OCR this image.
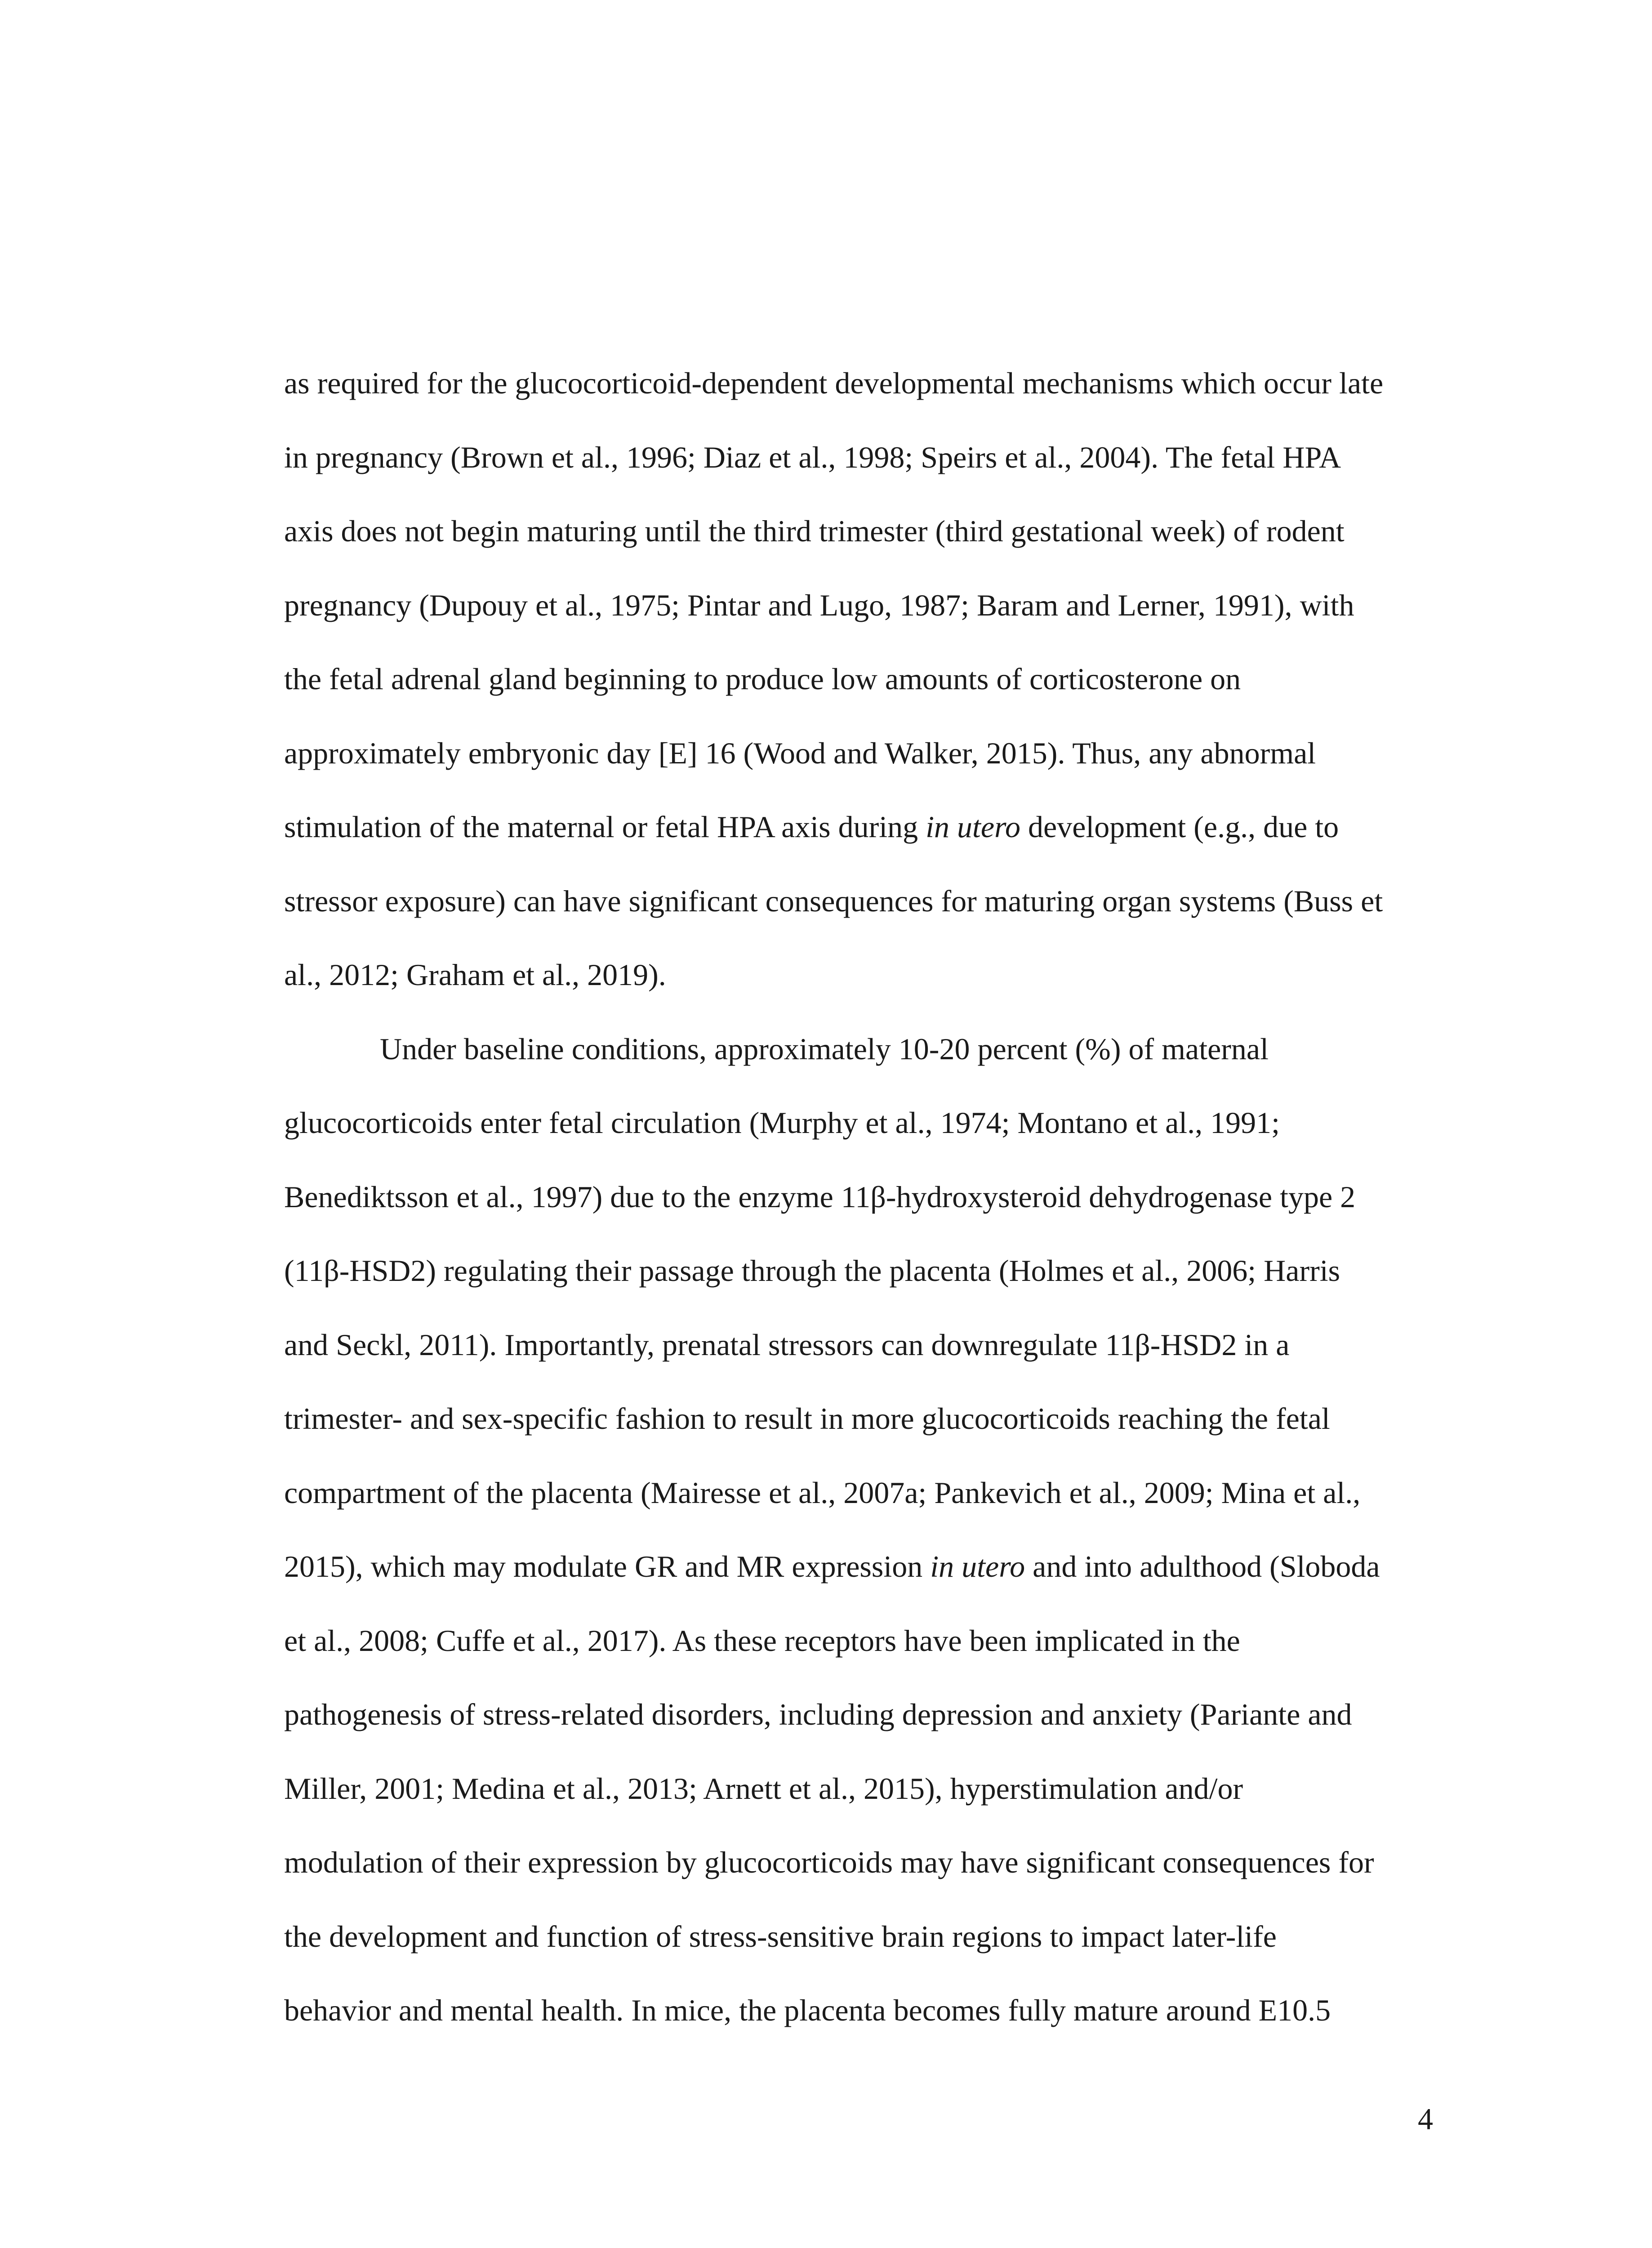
as required for the glucocorticoid-dependent developmental mechanisms which occur late
in pregnancy (Brown et al., 1996; Diaz et al., 1998; Speirs et al., 2004). The fetal HPA
axis does not begin maturing until the third trimester (third gestational week) of rodent
pregnancy (Dupouy et al., 1975; Pintar and Lugo, 1987; Baram and Lerner, 1991), with
the fetal adrenal gland beginning to produce low amounts of corticosterone on
approximately embryonic day [E] 16 (Wood and Walker, 2015). Thus, any abnormal
stimulation of the maternal or fetal HPA axis during in utero development (e.g., due to
stressor exposure) can have significant consequences for maturing organ systems (Buss et
al., 2012; Graham et al., 2019).
Under baseline conditions, approximately 10-20 percent (%) of maternal
glucocorticoids enter fetal circulation (Murphy et al., 1974; Montano et al., 1991;
Benediktsson et al., 1997) due to the enzyme 11β-hydroxysteroid dehydrogenase type 2
(11β-HSD2) regulating their passage through the placenta (Holmes et al., 2006; Harris
and Seckl, 2011). Importantly, prenatal stressors can downregulate 11β-HSD2 in a
trimester- and sex-specific fashion to result in more glucocorticoids reaching the fetal
compartment of the placenta (Mairesse et al., 2007a; Pankevich et al., 2009; Mina et al.,
2015), which may modulate GR and MR expression in utero and into adulthood (Sloboda
et al., 2008; Cuffe et al., 2017). As these receptors have been implicated in the
pathogenesis of stress-related disorders, including depression and anxiety (Pariante and
Miller, 2001; Medina et al., 2013; Arnett et al., 2015), hyperstimulation and/or
modulation of their expression by glucocorticoids may have significant consequences for
the development and function of stress-sensitive brain regions to impact later-life
behavior and mental health. In mice, the placenta becomes fully mature around E10.5
4
